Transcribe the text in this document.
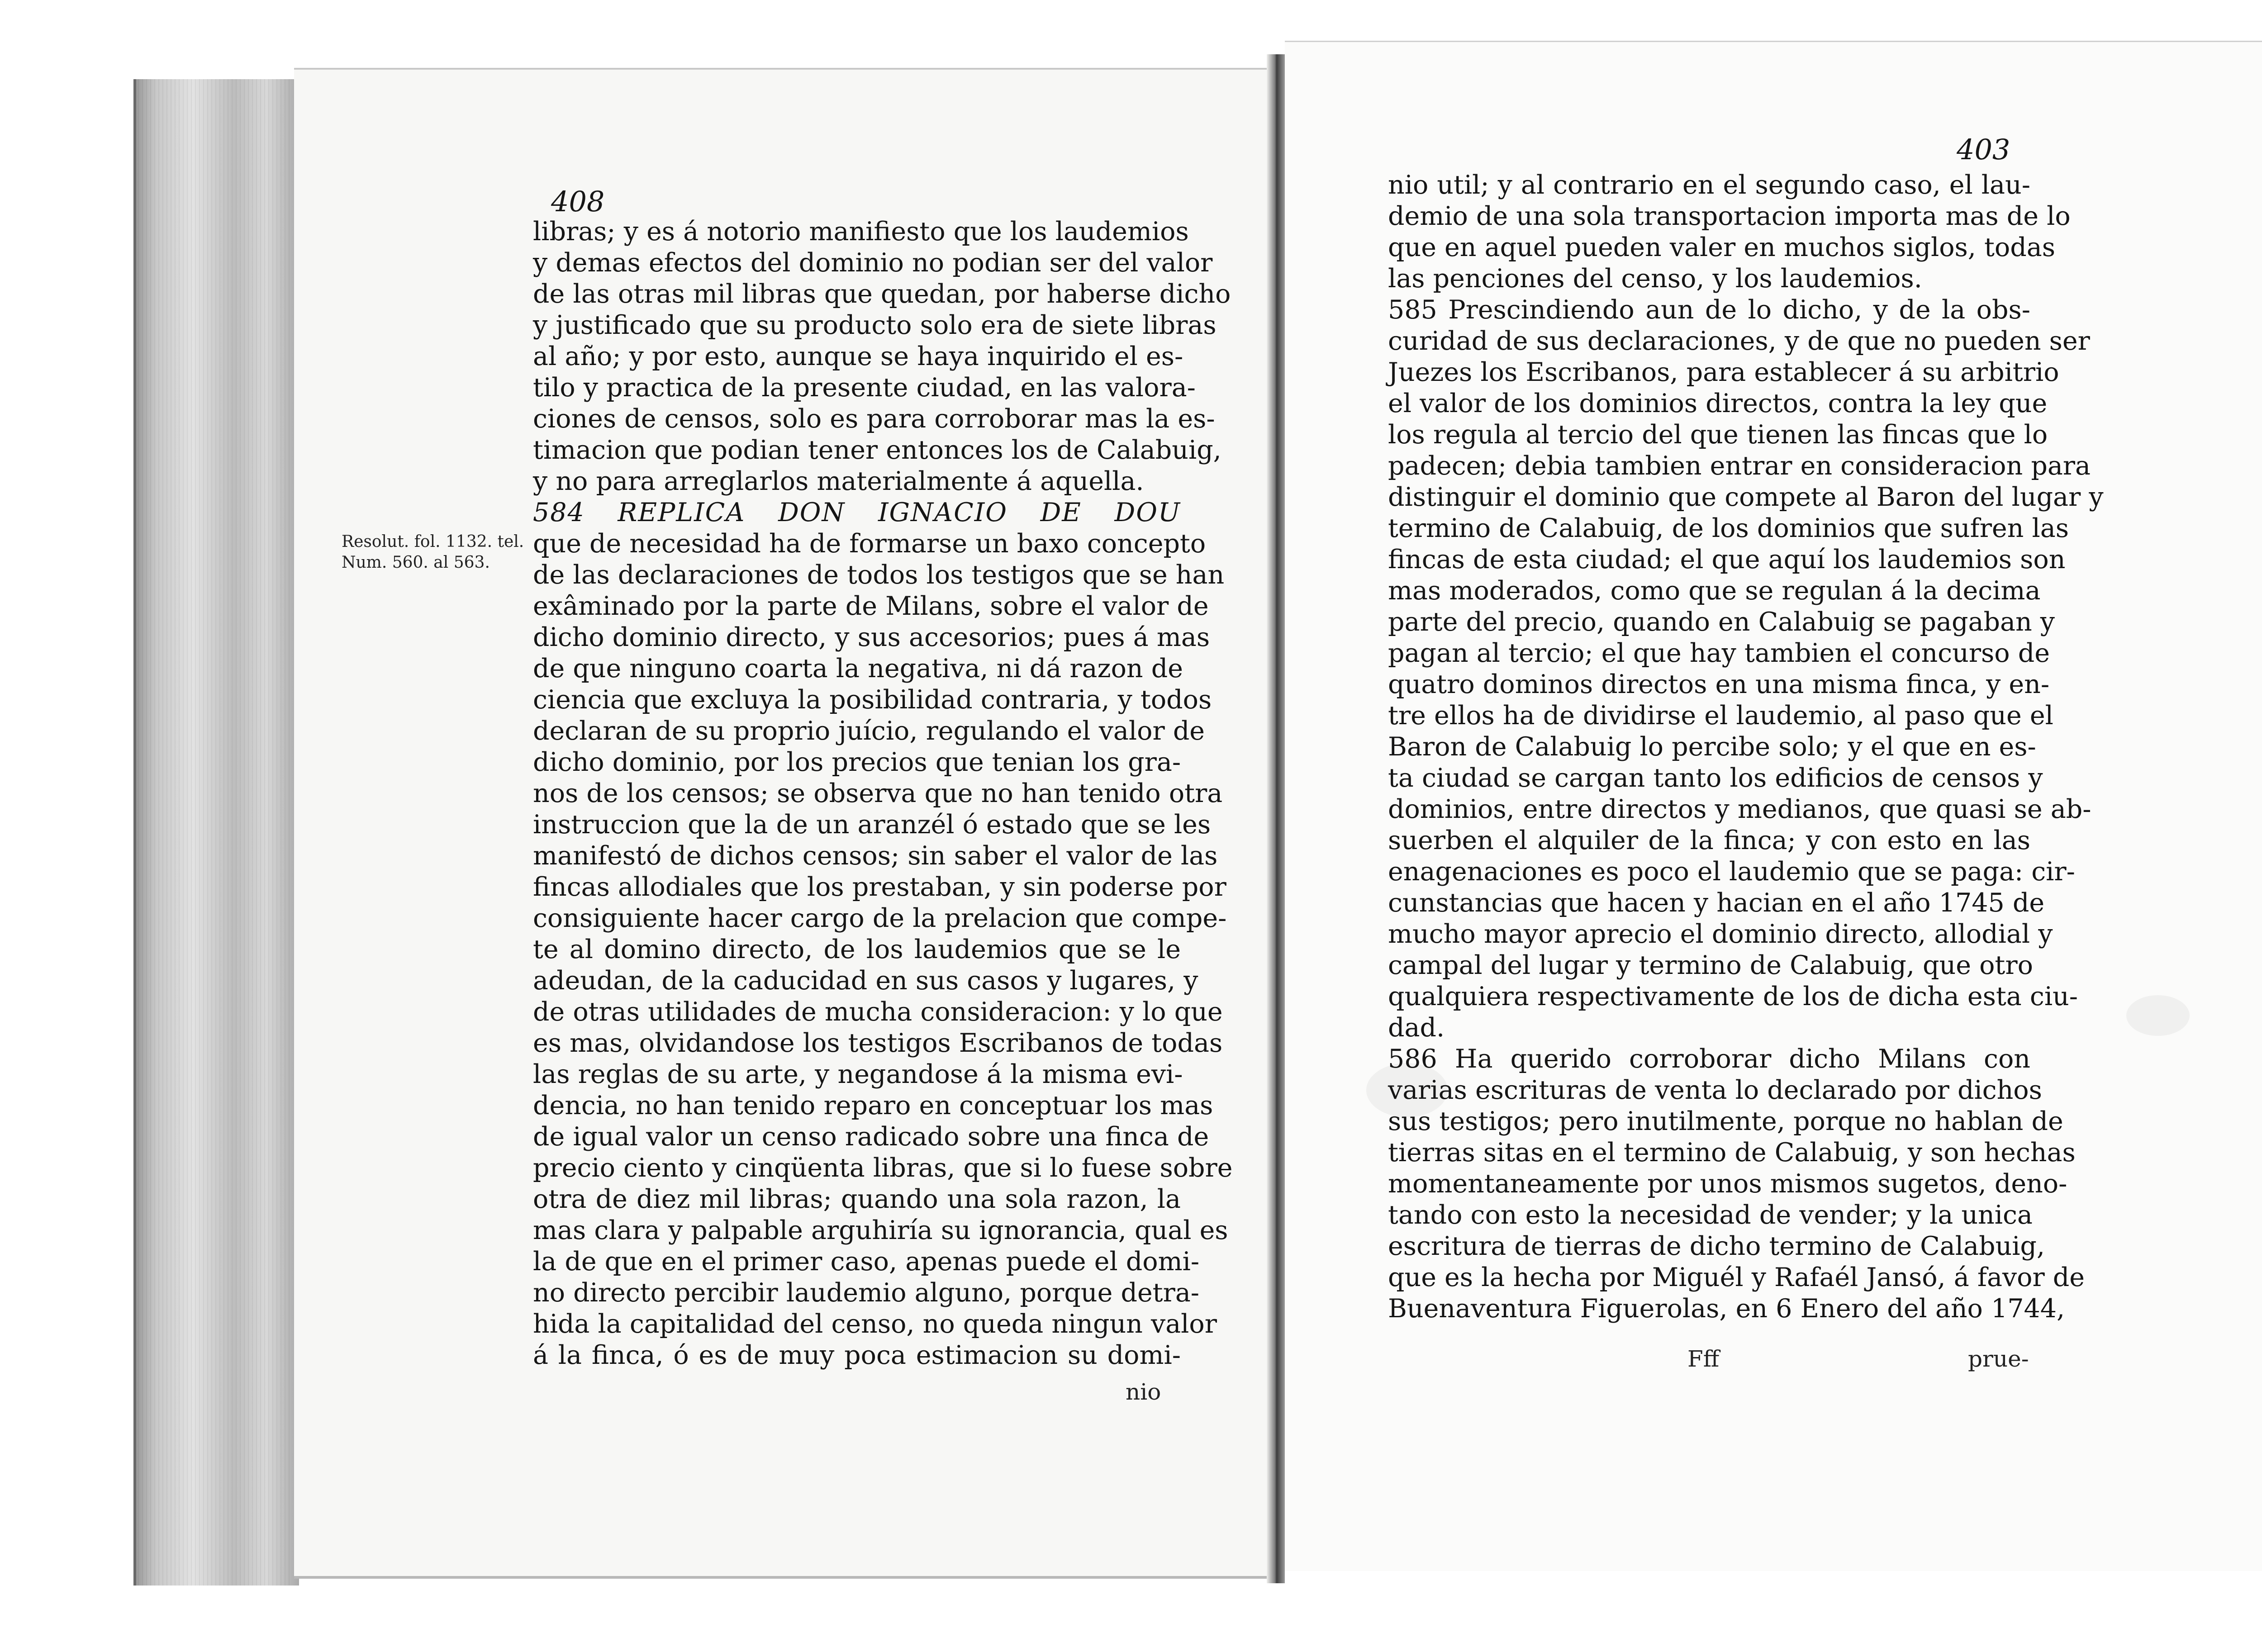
408
Resolut. fol. 1132. tel.
Num. 560. al 563.
libras; y es á notorio manifiesto que los laudemios
y demas efectos del dominio no podian ser del valor
de las otras mil libras que quedan, por haberse dicho
y justificado que su producto solo era de siete libras
al año; y por esto, aunque se haya inquirido el es-
tilo y practica de la presente ciudad, en las valora-
ciones de censos, solo es para corroborar mas la es-
timacion que podian tener entonces los de Calabuig,
y no para arreglarlos materialmente á aquella.
584 REPLICA DON IGNACIO DE DOU
que de necesidad ha de formarse un baxo concepto
de las declaraciones de todos los testigos que se han
exâminado por la parte de Milans, sobre el valor de
dicho dominio directo, y sus accesorios; pues á mas
de que ninguno coarta la negativa, ni dá razon de
ciencia que excluya la posibilidad contraria, y todos
declaran de su proprio juício, regulando el valor de
dicho dominio, por los precios que tenian los gra-
nos de los censos; se observa que no han tenido otra
instruccion que la de un aranzél ó estado que se les
manifestó de dichos censos; sin saber el valor de las
fincas allodiales que los prestaban, y sin poderse por
consiguiente hacer cargo de la prelacion que compe-
te al domino directo, de los laudemios que se le
adeudan, de la caducidad en sus casos y lugares, y
de otras utilidades de mucha consideracion: y lo que
es mas, olvidandose los testigos Escribanos de todas
las reglas de su arte, y negandose á la misma evi-
dencia, no han tenido reparo en conceptuar los mas
de igual valor un censo radicado sobre una finca de
precio ciento y cinqüenta libras, que si lo fuese sobre
otra de diez mil libras; quando una sola razon, la
mas clara y palpable arguhiría su ignorancia, qual es
la de que en el primer caso, apenas puede el domi-
no directo percibir laudemio alguno, porque detra-
hida la capitalidad del censo, no queda ningun valor
á la finca, ó es de muy poca estimacion su domi-
nio
403
nio util; y al contrario en el segundo caso, el lau-
demio de una sola transportacion importa mas de lo
que en aquel pueden valer en muchos siglos, todas
las penciones del censo, y los laudemios.
585 Prescindiendo aun de lo dicho, y de la obs-
curidad de sus declaraciones, y de que no pueden ser
Juezes los Escribanos, para establecer á su arbitrio
el valor de los dominios directos, contra la ley que
los regula al tercio del que tienen las fincas que lo
padecen; debia tambien entrar en consideracion para
distinguir el dominio que compete al Baron del lugar y
termino de Calabuig, de los dominios que sufren las
fincas de esta ciudad; el que aquí los laudemios son
mas moderados, como que se regulan á la decima
parte del precio, quando en Calabuig se pagaban y
pagan al tercio; el que hay tambien el concurso de
quatro dominos directos en una misma finca, y en-
tre ellos ha de dividirse el laudemio, al paso que el
Baron de Calabuig lo percibe solo; y el que en es-
ta ciudad se cargan tanto los edificios de censos y
dominios, entre directos y medianos, que quasi se ab-
suerben el alquiler de la finca; y con esto en las
enagenaciones es poco el laudemio que se paga: cir-
cunstancias que hacen y hacian en el año 1745 de
mucho mayor aprecio el dominio directo, allodial y
campal del lugar y termino de Calabuig, que otro
qualquiera respectivamente de los de dicha esta ciu-
dad.
586 Ha querido corroborar dicho Milans con
varias escrituras de venta lo declarado por dichos
sus testigos; pero inutilmente, porque no hablan de
tierras sitas en el termino de Calabuig, y son hechas
momentaneamente por unos mismos sugetos, deno-
tando con esto la necesidad de vender; y la unica
escritura de tierras de dicho termino de Calabuig,
que es la hecha por Miguél y Rafaél Jansó, á favor de
Buenaventura Figuerolas, en 6 Enero del año 1744,
Fff	prue-
